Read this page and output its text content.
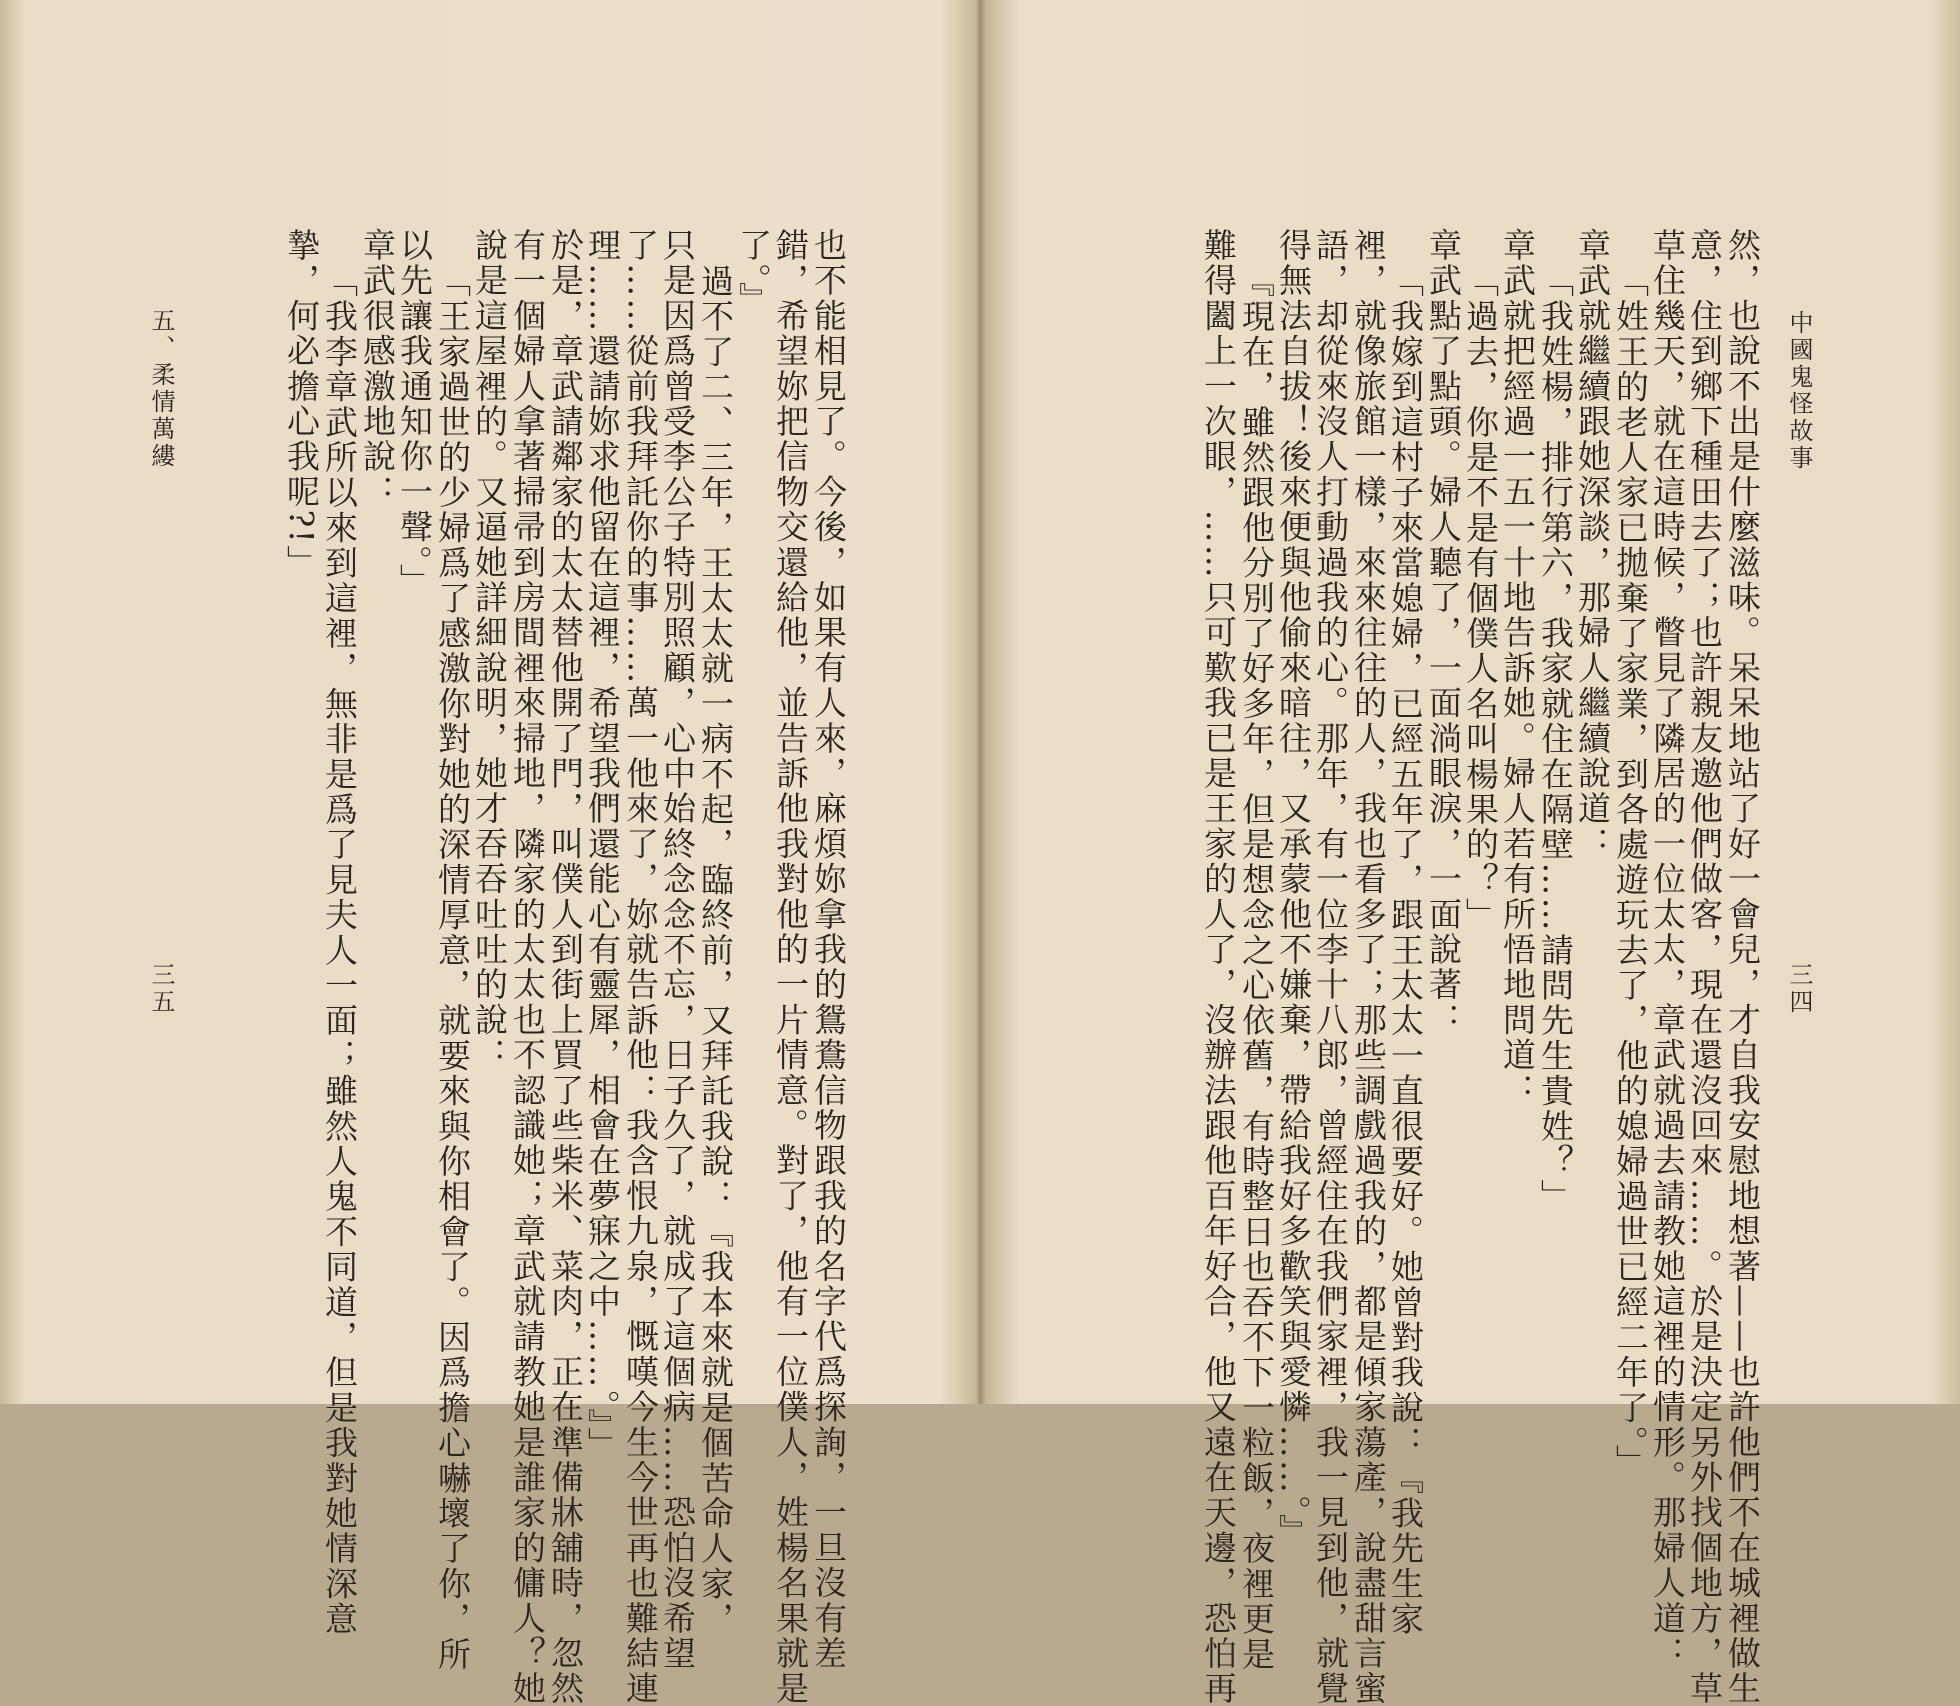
中國鬼怪故事
三四
然，也說不出是什麼滋味。呆呆地站了好一會兒，才自我安慰地想著——也許他們不在城裡做生
意，住到鄉下種田去了；也許親友邀他們做客，現在還沒回來……。於是決定另外找個地方，草
草住幾天，就在這時候，瞥見了隣居的一位太太，章武就過去請教她這裡的情形。那婦人道：
「姓王的老人家已拋棄了家業，到各處遊玩去了，他的媳婦過世已經二年了。」
章武就繼續跟她深談，那婦人繼續說道：
「我姓楊，排行第六，我家就住在隔壁……請問先生貴姓？」
章武就把經過一五一十地告訴她。婦人若有所悟地問道：
「過去，你是不是有個僕人名叫楊果的？」
章武點了點頭。婦人聽了，一面淌眼淚，一面說著：
「我嫁到這村子來當媳婦，已經五年了，跟王太太一直很要好。她曾對我說：『我先生家
裡，就像旅館一樣，來來往往的人，我也看多了；那些調戲過我的，都是傾家蕩產，說盡甜言蜜
語，却從來沒人打動過我的心。那年，有一位李十八郎，曾經住在我們家裡，我一見到他，就覺
得無法自拔！後來便與他偷來暗往，又承蒙他不嫌棄，帶給我好多歡笑與愛憐……。』
『現在，雖然跟他分別了好多年，但是想念之心依舊，有時整日也吞不下一粒飯，夜裡更是
難得闔上一次眼，……只可歎我已是王家的人了，沒辦法跟他百年好合，他又遠在天邊，恐怕再
也不能相見了。今後，如果有人來，麻煩妳拿我的鴛鴦信物跟我的名字代爲探詢，一旦沒有差
錯，希望妳把信物交還給他，並告訴他我對他的一片情意。對了，他有一位僕人，姓楊名果就是
了。』
過不了二、三年，王太太就一病不起，臨終前，又拜託我說：『我本來就是個苦命人家，
只是因爲曾受李公子特別照顧，心中始終念念不忘，日子久了，就成了這個病……恐怕沒希望
了……從前我拜託你的事……萬一他來了，妳就告訴他：我含恨九泉，慨嘆今生今世再也難結連
理……還請妳求他留在這裡，希望我們還能心有靈犀，相會在夢寐之中……。』」
於是，章武請鄰家的太太替他開了門，叫僕人到街上買了些柴米、菜肉，正在準備牀舖時，忽然
有一個婦人拿著掃帚到房間裡來掃地，隣家的太太也不認識她；章武就請教她是誰家的傭人？她
說是這屋裡的。又逼她詳細說明，她才吞吞吐吐的說：
「王家過世的少婦爲了感激你對她的深情厚意，就要來與你相會了。因爲擔心嚇壞了你，所
以先讓我通知你一聲。」
章武很感激地說：
「我李章武所以來到這裡，無非是爲了見夫人一面；雖然人鬼不同道，但是我對她情深意
摯，何必擔心我呢?!」
五、柔情萬縷
三五
